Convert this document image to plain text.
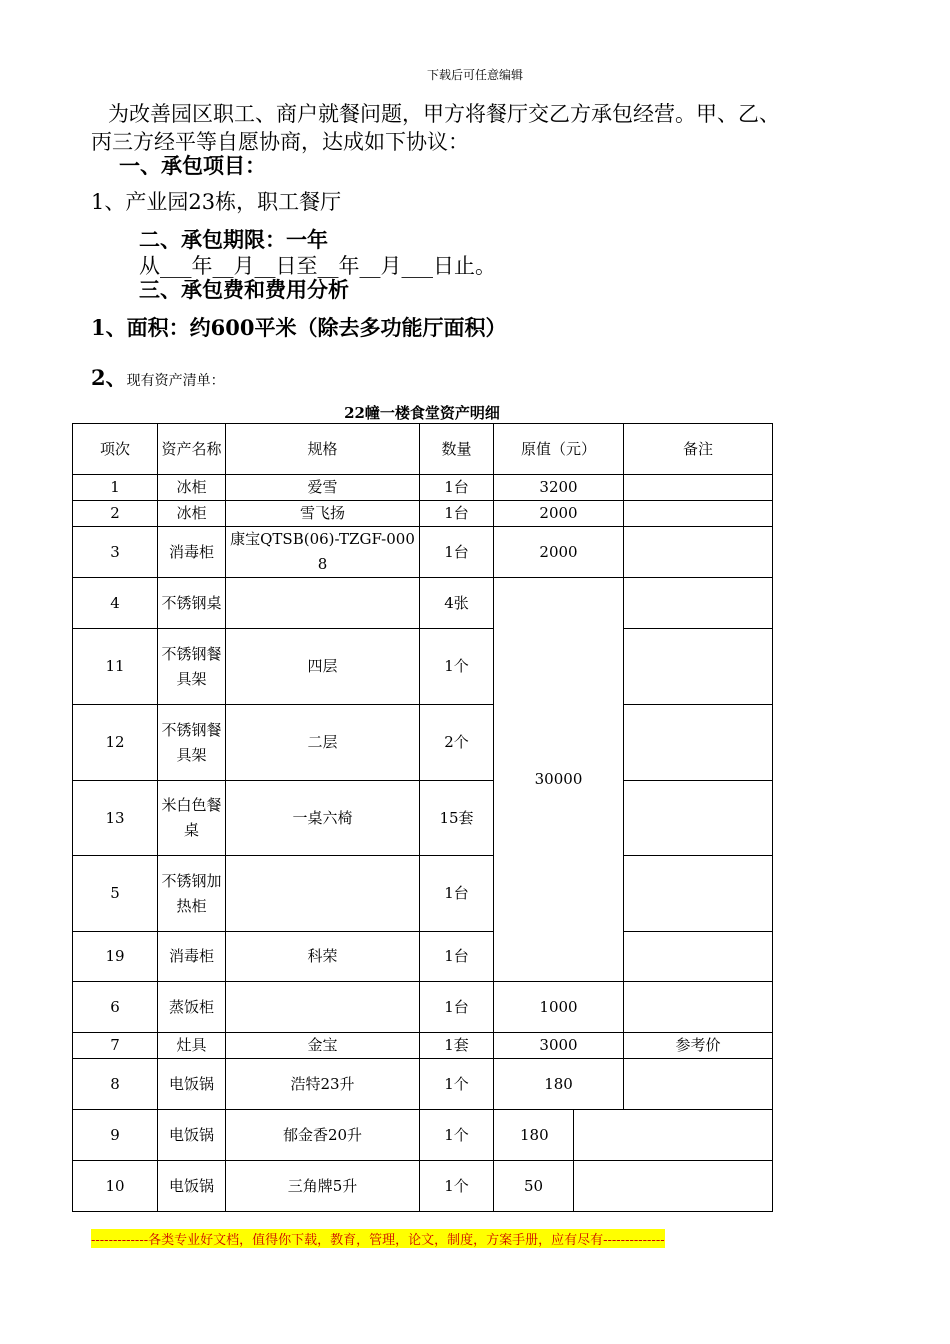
下载后可任意编辑
为改善园区职工、商户就餐问题，甲方将餐厅交乙方承包经营。甲、乙、
丙三方经平等自愿协商，达成如下协议：
一、承包项目：
1、产业园23栋，职工餐厅
二、承包期限：一年
从___年__月__日至__年__月___日止。
三、承包费和费用分析
1、面积：约600平米（除去多功能厅面积）
2、现有资产清单：
22幢一楼食堂资产明细
项次	资产名称	规格	数量	原值（元）		备注
1	冰柜	爱雪	1台	3200		
2	冰柜	雪飞扬	1台	2000		
3	消毒柜	康宝QTSB(06)-TZGF-0008	1台	2000		
4	不锈钢桌		4张	30000		
11	不锈钢餐具架	四层	1个			
12	不锈钢餐具架	二层	2个			
13	米白色餐桌	一桌六椅	15套			
5	不锈钢加热柜		1台			
19	消毒柜	科荣	1台			
6	蒸饭柜		1台	1000		
7	灶具	金宝	1套	3000		参考价
8	电饭锅	浩特23升	1个	180		
9	电饭锅	郁金香20升	1个	180		
10	电饭锅	三角牌5升	1个	50		
-------------各类专业好文档，值得你下载，教育，管理，论文，制度，方案手册，应有尽有--------------
